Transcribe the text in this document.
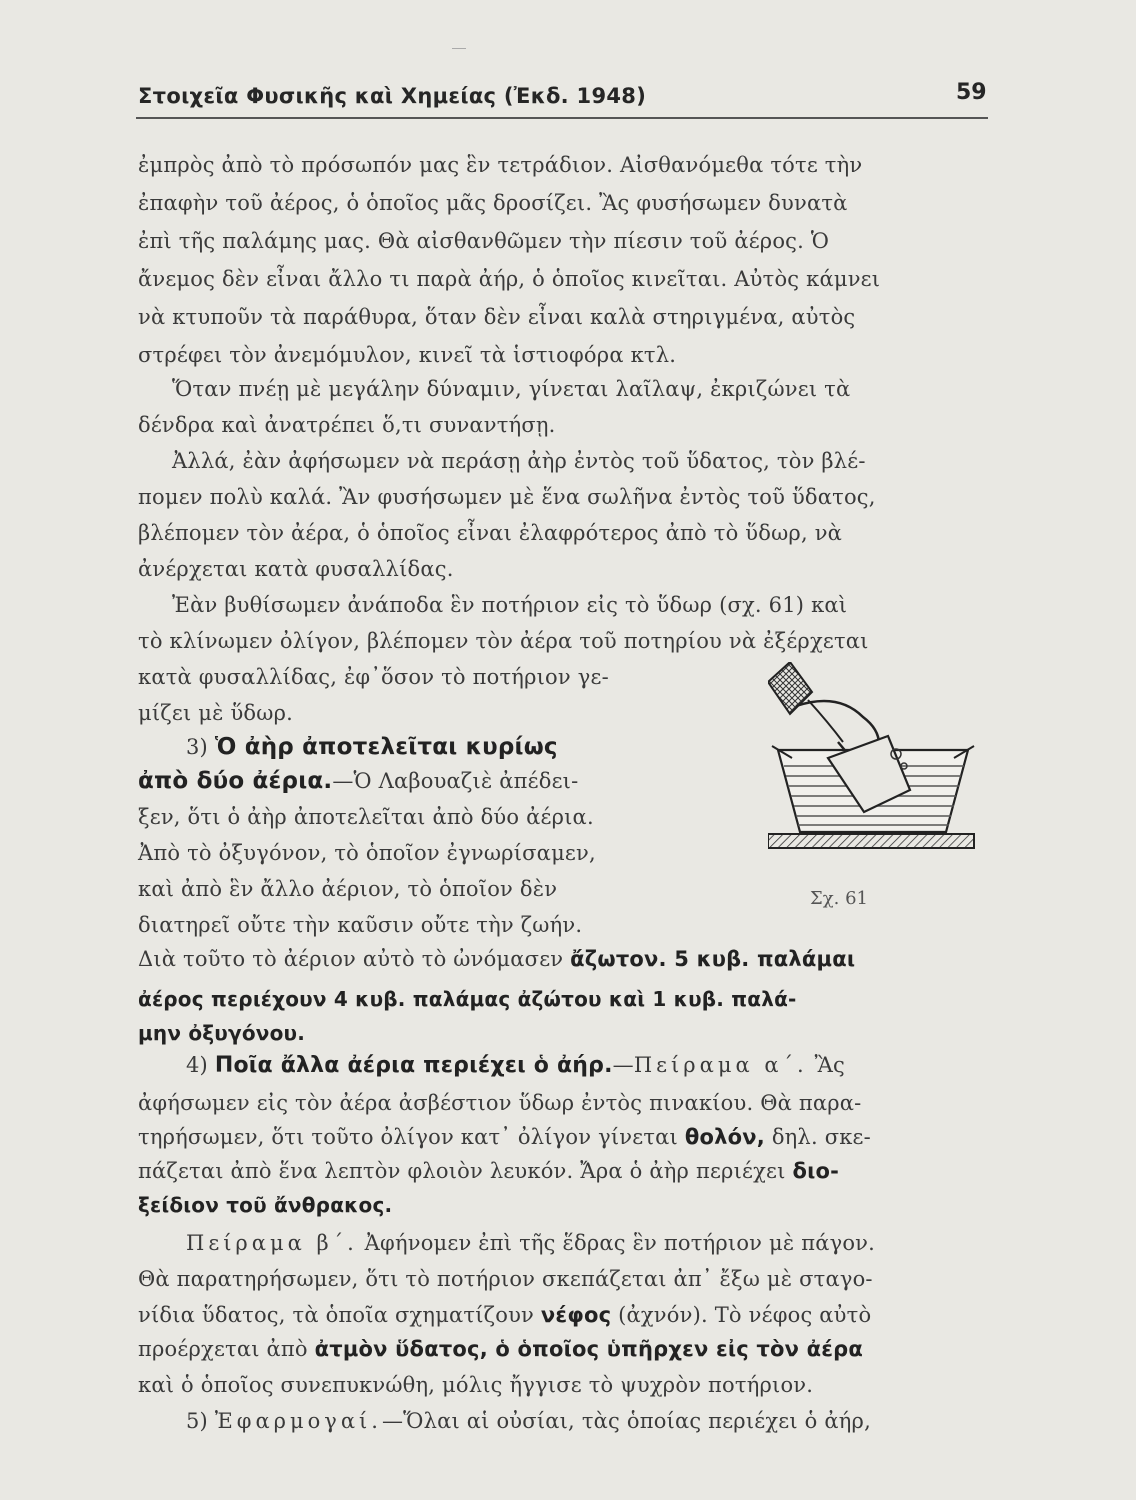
Στοιχεῖα Φυσικῆς καὶ Χημείας (Ἐκδ. 1948)	59
ἐμπρὸς ἀπὸ τὸ πρόσωπόν μας ἓν τετράδιον. Αἰσθανόμεθα τότε τὴν
ἐπαφὴν τοῦ ἀέρος, ὁ ὁποῖος μᾶς δροσίζει. Ἂς φυσήσωμεν δυνατὰ
ἐπὶ τῆς παλάμης μας. Θὰ αἰσθανθῶμεν τὴν πίεσιν τοῦ ἀέρος. Ὁ
ἄνεμος δὲν εἶναι ἄλλο τι παρὰ ἀήρ, ὁ ὁποῖος κινεῖται. Αὐτὸς κάμνει
νὰ κτυποῦν τὰ παράθυρα, ὅταν δὲν εἶναι καλὰ στηριγμένα, αὐτὸς
στρέφει τὸν ἀνεμόμυλον, κινεῖ τὰ ἱστιοφόρα κτλ.
Ὅταν πνέῃ μὲ μεγάλην δύναμιν, γίνεται λαῖλαψ, ἐκριζώνει τὰ
δένδρα καὶ ἀνατρέπει ὅ,τι συναντήσῃ.
Ἀλλά, ἐὰν ἀφήσωμεν νὰ περάσῃ ἀὴρ ἐντὸς τοῦ ὕδατος, τὸν βλέ-
πομεν πολὺ καλά. Ἂν φυσήσωμεν μὲ ἕνα σωλῆνα ἐντὸς τοῦ ὕδατος,
βλέπομεν τὸν ἀέρα, ὁ ὁποῖος εἶναι ἐλαφρότερος ἀπὸ τὸ ὕδωρ, νὰ
ἀνέρχεται κατὰ φυσαλλίδας.
Ἐὰν βυθίσωμεν ἀνάποδα ἓν ποτήριον εἰς τὸ ὕδωρ (σχ. 61) καὶ
τὸ κλίνωμεν ὀλίγον, βλέπομεν τὸν ἀέρα τοῦ ποτηρίου νὰ ἐξέρχεται
κατὰ φυσαλλίδας, ἐφ᾽ὅσον τὸ ποτήριον γε-
μίζει μὲ ὕδωρ.
3) Ὁ ἀὴρ ἀποτελεῖται κυρίως
ἀπὸ δύο ἀέρια.—Ὁ Λαβουαζιὲ ἀπέδει-
ξεν, ὅτι ὁ ἀὴρ ἀποτελεῖται ἀπὸ δύο ἀέρια.
Ἀπὸ τὸ ὀξυγόνον, τὸ ὁποῖον ἐγνωρίσαμεν,
καὶ ἀπὸ ἓν ἄλλο ἀέριον, τὸ ὁποῖον δὲν
διατηρεῖ οὔτε τὴν καῦσιν οὔτε τὴν ζωήν.
Διὰ τοῦτο τὸ ἀέριον αὐτὸ τὸ ὠνόμασεν ἄζωτον. 5 κυβ. παλάμαι
ἀέρος περιέχουν 4 κυβ. παλάμας ἀζώτου καὶ 1 κυβ. παλά-
μην ὀξυγόνου.
4) Ποῖα ἄλλα ἀέρια περιέχει ὁ ἀήρ.—Πείραμα α΄. Ἂς
ἀφήσωμεν εἰς τὸν ἀέρα ἀσβέστιον ὕδωρ ἐντὸς πινακίου. Θὰ παρα-
τηρήσωμεν, ὅτι τοῦτο ὀλίγον κατ᾽ ὀλίγον γίνεται θολόν, δηλ. σκε-
πάζεται ἀπὸ ἕνα λεπτὸν φλοιὸν λευκόν. Ἄρα ὁ ἀὴρ περιέχει διο-
ξείδιον τοῦ ἄνθρακος.
Πείραμα β΄. Ἀφήνομεν ἐπὶ τῆς ἕδρας ἓν ποτήριον μὲ πάγον.
Θὰ παρατηρήσωμεν, ὅτι τὸ ποτήριον σκεπάζεται ἀπ᾽ ἔξω μὲ σταγο-
νίδια ὕδατος, τὰ ὁποῖα σχηματίζουν νέφος (ἀχνόν). Τὸ νέφος αὐτὸ
προέρχεται ἀπὸ ἀτμὸν ὕδατος, ὁ ὁποῖος ὑπῆρχεν εἰς τὸν ἀέρα
καὶ ὁ ὁποῖος συνεπυκνώθη, μόλις ἤγγισε τὸ ψυχρὸν ποτήριον.
5) Ἐφαρμογαί.—Ὅλαι αἱ οὐσίαι, τὰς ὁποίας περιέχει ὁ ἀήρ,
Σχ. 61
